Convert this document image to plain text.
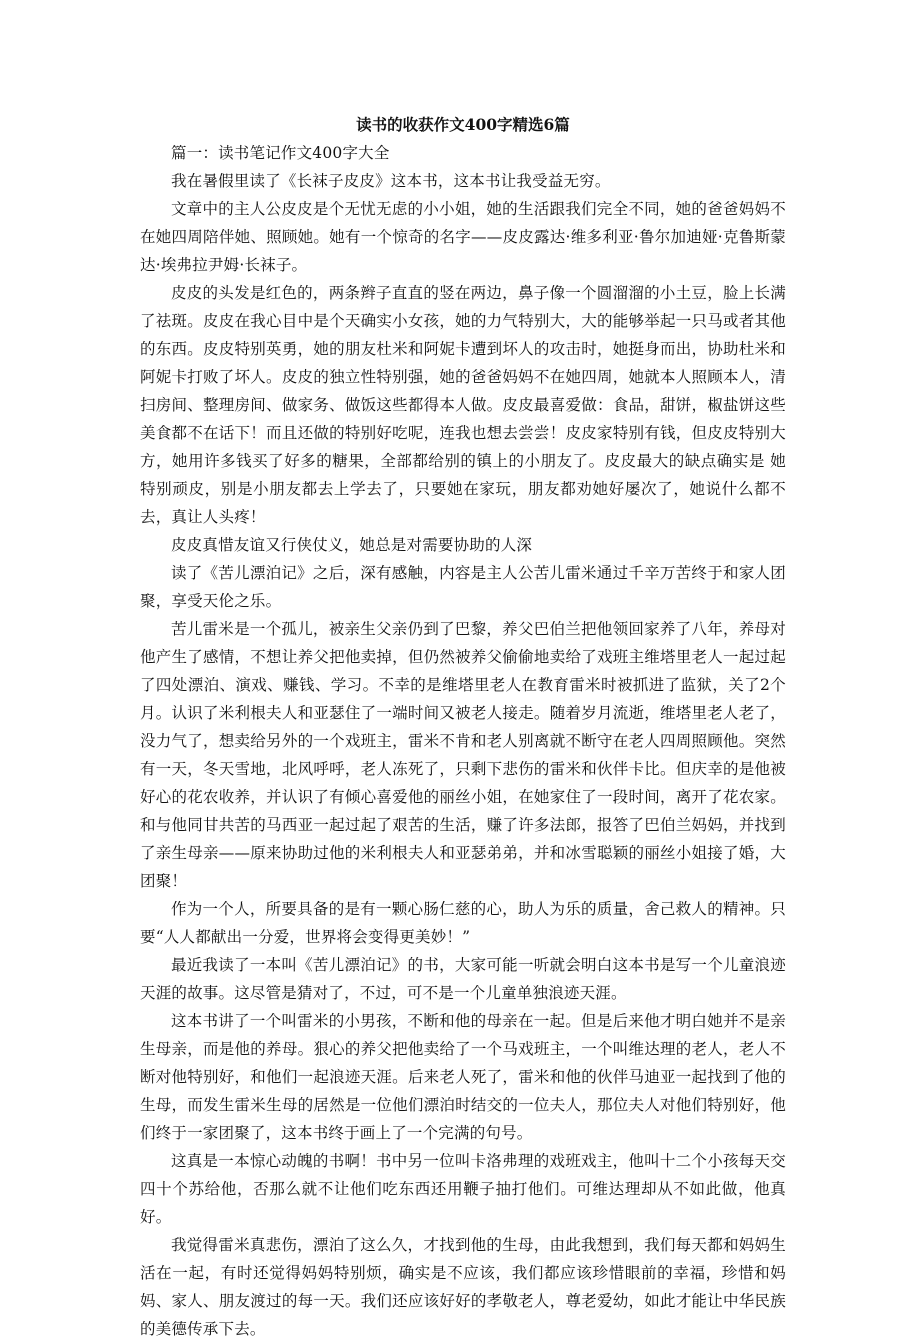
读书的收获作文400字精选6篇

篇一：读书笔记作文400字大全

我在暑假里读了《长袜子皮皮》这本书，这本书让我受益无穷。

文章中的主人公皮皮是个无忧无虑的小小姐，她的生活跟我们完全不同，她的爸爸妈妈不在她四周陪伴她、照顾她。她有一个惊奇的名字——皮皮露达·维多利亚·鲁尔加迪娅·克鲁斯蒙达·埃弗拉尹姆·长袜子。

皮皮的头发是红色的，两条辫子直直的竖在两边，鼻子像一个圆溜溜的小土豆，脸上长满了祛斑。皮皮在我心目中是个天确实小女孩，她的力气特别大，大的能够举起一只马或者其他的东西。皮皮特别英勇，她的朋友杜米和阿妮卡遭到坏人的攻击时，她挺身而出，协助杜米和阿妮卡打败了坏人。皮皮的独立性特别强，她的爸爸妈妈不在她四周，她就本人照顾本人，清扫房间、整理房间、做家务、做饭这些都得本人做。皮皮最喜爱做：食品，甜饼，椒盐饼这些美食都不在话下！而且还做的特别好吃呢，连我也想去尝尝！皮皮家特别有钱，但皮皮特别大方，她用许多钱买了好多的糖果，全部都给别的镇上的小朋友了。皮皮最大的缺点确实是 她特别顽皮，别是小朋友都去上学去了，只要她在家玩，朋友都劝她好屡次了，她说什么都不去，真让人头疼！

皮皮真惜友谊又行侠仗义，她总是对需要协助的人深

读了《苦儿漂泊记》之后，深有感触，内容是主人公苦儿雷米通过千辛万苦终于和家人团聚，享受天伦之乐。

苦儿雷米是一个孤儿，被亲生父亲仍到了巴黎，养父巴伯兰把他领回家养了八年，养母对他产生了感情，不想让养父把他卖掉，但仍然被养父偷偷地卖给了戏班主维塔里老人一起过起了四处漂泊、演戏、赚钱、学习。不幸的是维塔里老人在教育雷米时被抓进了监狱，关了2个月。认识了米利根夫人和亚瑟住了一端时间又被老人接走。随着岁月流逝，维塔里老人老了，没力气了，想卖给另外的一个戏班主，雷米不肯和老人别离就不断守在老人四周照顾他。突然有一天，冬天雪地，北风呼呼，老人冻死了，只剩下悲伤的雷米和伙伴卡比。但庆幸的是他被好心的花农收养，并认识了有倾心喜爱他的丽丝小姐，在她家住了一段时间，离开了花农家。和与他同甘共苦的马西亚一起过起了艰苦的生活，赚了许多法郎，报答了巴伯兰妈妈，并找到了亲生母亲——原来协助过他的米利根夫人和亚瑟弟弟，并和冰雪聪颖的丽丝小姐接了婚，大团聚！

作为一个人，所要具备的是有一颗心肠仁慈的心，助人为乐的质量，舍己救人的精神。只要“人人都献出一分爱，世界将会变得更美妙！”

最近我读了一本叫《苦儿漂泊记》的书，大家可能一听就会明白这本书是写一个儿童浪迹天涯的故事。这尽管是猜对了，不过，可不是一个儿童单独浪迹天涯。

这本书讲了一个叫雷米的小男孩，不断和他的母亲在一起。但是后来他才明白她并不是亲生母亲，而是他的养母。狠心的养父把他卖给了一个马戏班主，一个叫维达理的老人，老人不断对他特别好，和他们一起浪迹天涯。后来老人死了，雷米和他的伙伴马迪亚一起找到了他的生母，而发生雷米生母的居然是一位他们漂泊时结交的一位夫人，那位夫人对他们特别好，他们终于一家团聚了，这本书终于画上了一个完满的句号。

这真是一本惊心动魄的书啊！书中另一位叫卡洛弗理的戏班戏主，他叫十二个小孩每天交四十个苏给他，否那么就不让他们吃东西还用鞭子抽打他们。可维达理却从不如此做，他真好。

我觉得雷米真悲伤，漂泊了这么久，才找到他的生母，由此我想到，我们每天都和妈妈生活在一起，有时还觉得妈妈特别烦，确实是不应该，我们都应该珍惜眼前的幸福，珍惜和妈妈、家人、朋友渡过的每一天。我们还应该好好的孝敬老人，尊老爱幼，如此才能让中华民族的美德传承下去。
